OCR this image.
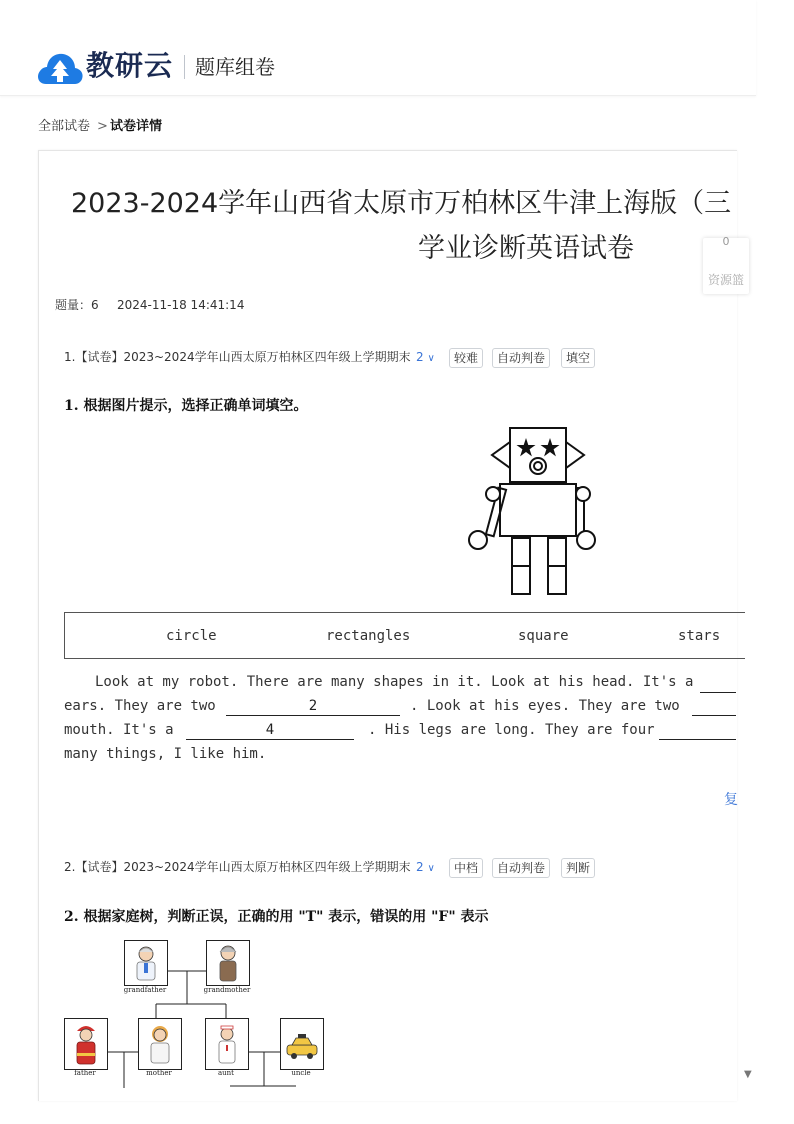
教研云 题库组卷
全部试卷 > 试卷详情
2023-2024学年山西省太原市万柏林区牛津上海版（三
学业诊断英语试卷
题量：6 2024-11-18 14:41:14
0
资源篮
1.【试卷】2023~2024学年山西太原万柏林区四年级上学期期末 2 ∨	较难	自动判卷	填空
1. 根据图片提示，选择正确单词填空。
circle	rectangles	square	stars
Look at my robot. There are many shapes in it. Look at his head. It's a
ears. They are two	2	. Look at his eyes. They are two
mouth. It's a	4	. His legs are long. They are four
many things, I like him.
复
2.【试卷】2023~2024学年山西太原万柏林区四年级上学期期末 2 ∨	中档	自动判卷	判断
2. 根据家庭树，判断正误，正确的用 "T" 表示，错误的用 "F" 表示
grandfather	grandmother
father	mother	aunt	uncle	▼
